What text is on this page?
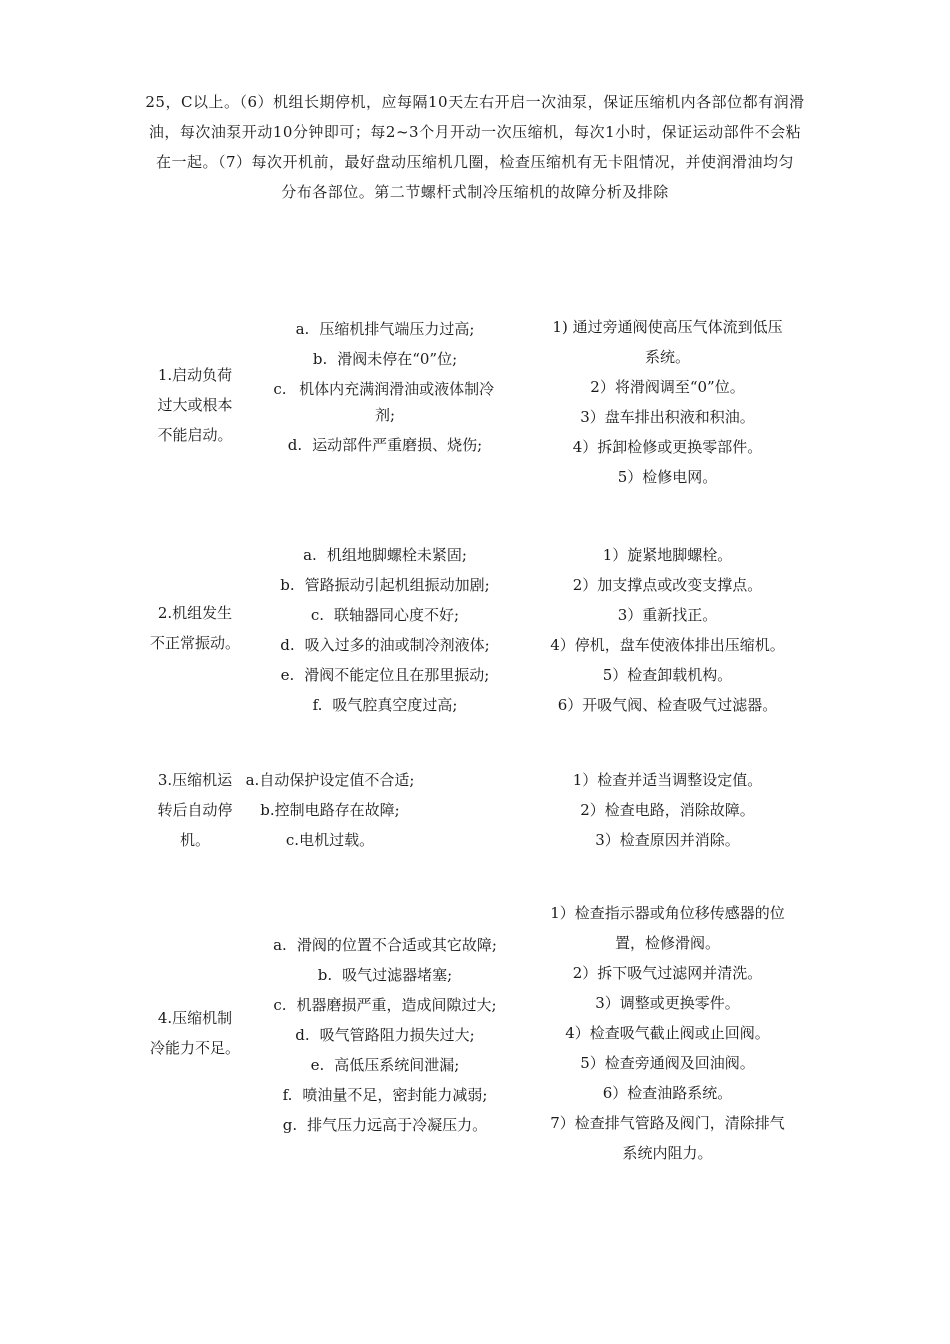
25，C以上。（6）机组长期停机，应每隔10天左右开启一次油泵，保证压缩机内各部位都有润滑
油，每次油泵开动10分钟即可；每2~3个月开动一次压缩机，每次1小时，保证运动部件不会粘
在一起。（7）每次开机前，最好盘动压缩机几圈，检查压缩机有无卡阻情况，并使润滑油均匀
分布各部位。第二节螺杆式制冷压缩机的故障分析及排除
1.启动负荷
过大或根本
不能启动。
a. 压缩机排气端压力过高;
b. 滑阀未停在“0”位;
c. 机体内充满润滑油或液体制冷
剂;
d. 运动部件严重磨损、烧伤;
1) 通过旁通阀使高压气体流到低压
系统。
2）将滑阀调至“0”位。
3）盘车排出积液和积油。
4）拆卸检修或更换零部件。
5）检修电网。
2.机组发生
不正常振动。
a. 机组地脚螺栓未紧固;
b. 管路振动引起机组振动加剧;
c. 联轴器同心度不好;
d. 吸入过多的油或制冷剂液体;
e. 滑阀不能定位且在那里振动;
f. 吸气腔真空度过高;
1）旋紧地脚螺栓。
2）加支撑点或改变支撑点。
3）重新找正。
4）停机，盘车使液体排出压缩机。
5）检查卸载机构。
6）开吸气阀、检查吸气过滤器。
3.压缩机运
转后自动停
机。
a.自动保护设定值不合适;
b.控制电路存在故障;
c.电机过载。
1）检查并适当调整设定值。
2）检查电路，消除故障。
3）检查原因并消除。
4.压缩机制
冷能力不足。
a. 滑阀的位置不合适或其它故障;
b. 吸气过滤器堵塞;
c. 机器磨损严重，造成间隙过大;
d. 吸气管路阻力损失过大;
e. 高低压系统间泄漏;
f. 喷油量不足，密封能力减弱;
g. 排气压力远高于冷凝压力。
1）检查指示器或角位移传感器的位
置，检修滑阀。
2）拆下吸气过滤网并清洗。
3）调整或更换零件。
4）检查吸气截止阀或止回阀。
5）检查旁通阀及回油阀。
6）检查油路系统。
7）检查排气管路及阀门，清除排气
系统内阻力。
